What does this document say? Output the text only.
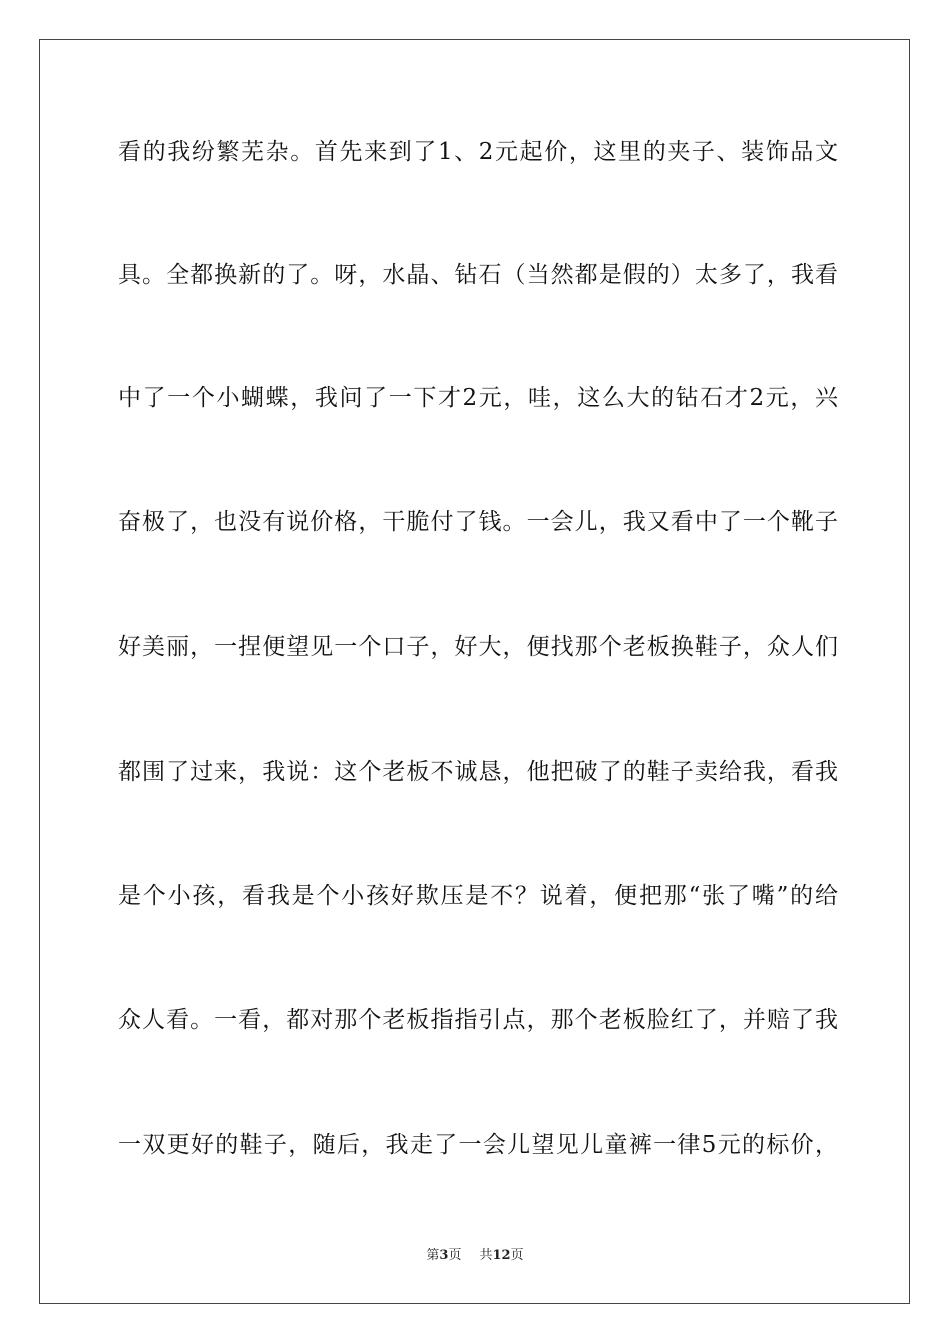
看的我纷繁芜杂。首先来到了1、2元起价，这里的夹子、装饰品文
具。全都换新的了。呀，水晶、钻石（当然都是假的）太多了，我看
中了一个小蝴蝶，我问了一下才2元，哇，这么大的钻石才2元，兴
奋极了，也没有说价格，干脆付了钱。一会儿，我又看中了一个靴子
好美丽，一捏便望见一个口子，好大，便找那个老板换鞋子，众人们
都围了过来，我说：这个老板不诚恳，他把破了的鞋子卖给我，看我
是个小孩，看我是个小孩好欺压是不？说着，便把那“张了嘴”的给
众人看。一看，都对那个老板指指引点，那个老板脸红了，并赔了我
一双更好的鞋子，随后，我走了一会儿望见儿童裤一律5元的标价，
第3页 共12页
